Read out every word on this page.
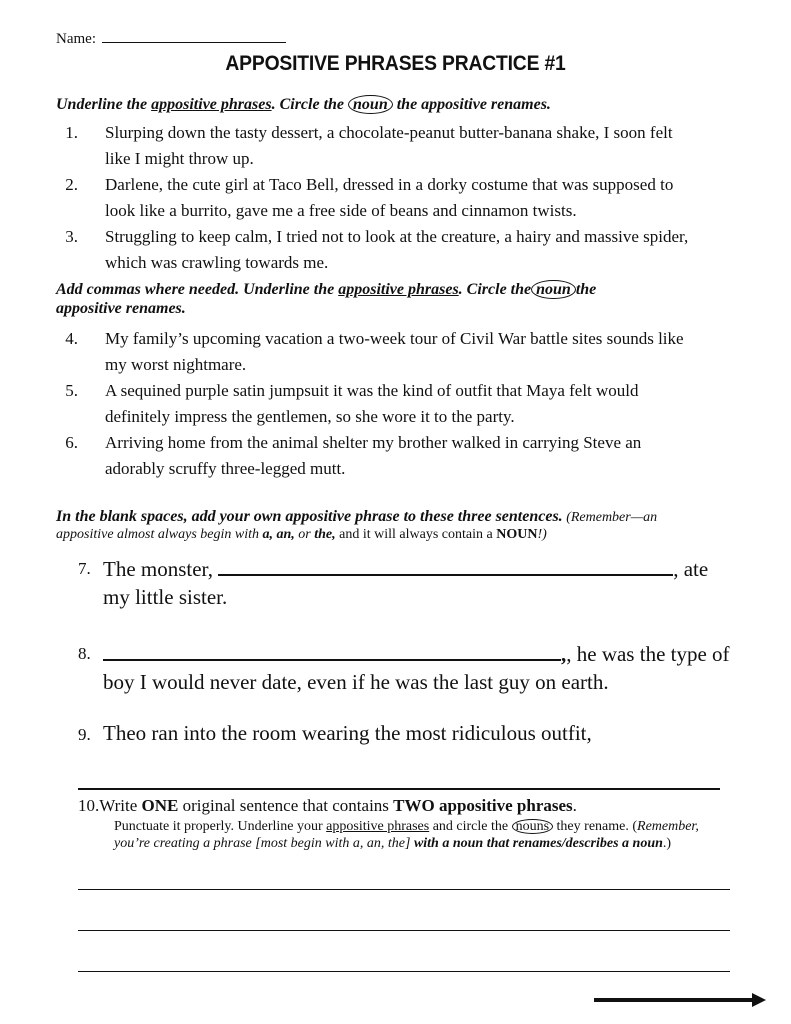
Name:
APPOSITIVE PHRASES PRACTICE #1
Underline the appositive phrases. Circle the noun the appositive renames.
1. Slurping down the tasty dessert, a chocolate-peanut butter-banana shake, I soon felt
like I might throw up.
2. Darlene, the cute girl at Taco Bell, dressed in a dorky costume that was supposed to
look like a burrito, gave me a free side of beans and cinnamon twists.
3. Struggling to keep calm, I tried not to look at the creature, a hairy and massive spider,
which was crawling towards me.
Add commas where needed. Underline the appositive phrases. Circle the noun the
appositive renames.
4. My family’s upcoming vacation a two-week tour of Civil War battle sites sounds like
my worst nightmare.
5. A sequined purple satin jumpsuit it was the kind of outfit that Maya felt would
definitely impress the gentlemen, so she wore it to the party.
6. Arriving home from the animal shelter my brother walked in carrying Steve an
adorably scruffy three-legged mutt.
In the blank spaces, add your own appositive phrase to these three sentences. (Remember—an
appositive almost always begin with a, an, or the, and it will always contain a NOUN!)
7. The monster,	, ate
my little sister.
8.	,, he was the type of
boy I would never date, even if he was the last guy on earth.
9. Theo ran into the room wearing the most ridiculous outfit,
10.Write ONE original sentence that contains TWO appositive phrases.
Punctuate it properly. Underline your appositive phrases and circle the nouns they rename. (Remember,
you’re creating a phrase [most begin with a, an, the] with a noun that renames/describes a noun.)
